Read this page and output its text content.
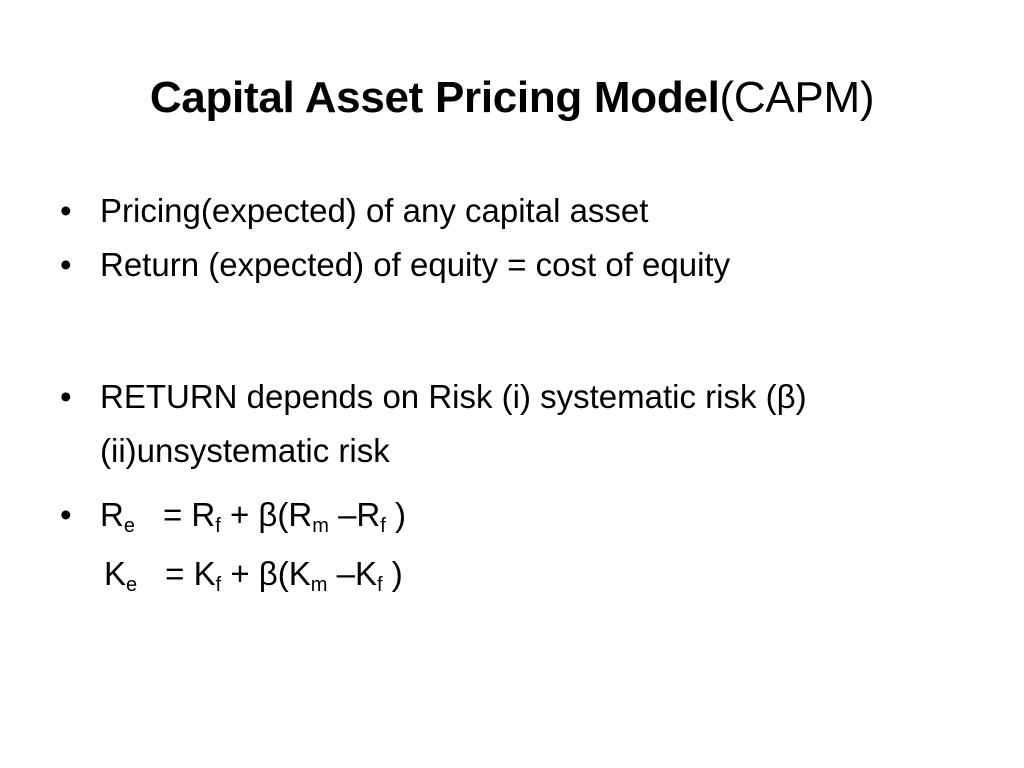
Capital Asset Pricing Model(CAPM)
• Pricing(expected) of any capital asset
• Return (expected) of equity = cost of equity
• RETURN depends on Risk (i) systematic risk (β)
(ii)unsystematic risk
• $R_e = R_f + \beta(R_m$ $-R_f$ )
$K_e = K_f + \beta(K_m$ $-K_f$ )
